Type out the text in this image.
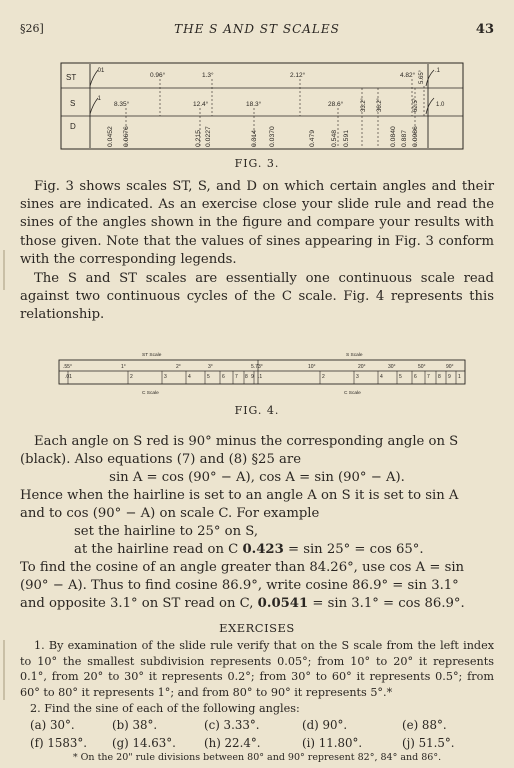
§26]	THE S AND ST SCALES	43
ST
S
D
.01
0.96°	1.3°	2.12°	4.82° 5.65° .1
.1
8.35°	12.4°	18.3°	28.6°	33.2° 36.2°	62.5°	1.0
0.0452 0.0676	0.215 0.0227	0.314 0.0370	0.479 0.548 0.591	0.0840 0.887 0.0986
FIG. 3.
Fig. 3 shows scales ST, S, and D on which certain angles and their sines are indicated. As an exercise close your slide rule and read the sines of the angles shown in the figure and compare your results with those given. Note that the values of sines appearing in Fig. 3 conform with the corresponding legends.
The S and ST scales are essentially one continuous scale read against two continuous cycles of the C scale. Fig. 4 represents this relationship.
ST Scale	S Scale
.55°	1°	2°	3°	5.73°	10°	20°	30°	50°	90°
.01	2	3	4	5 6 7 8 9 .1	2	3	4	5 6 7 8 9 1
C Scale	C Scale
FIG. 4.
Each angle on S red is 90° minus the corresponding angle on S
(black). Also equations (7) and (8) §25 are
sin A = cos (90° − A), cos A = sin (90° − A).
Hence when the hairline is set to an angle A on S it is set to sin A
and to cos (90° − A) on scale C. For example
set the hairline to 25° on S,
at the hairline read on C 0.423 = sin 25° = cos 65°.
To find the cosine of an angle greater than 84.26°, use cos A = sin
(90° − A). Thus to find cosine 86.9°, write cosine 86.9° = sin 3.1°
and opposite 3.1° on ST read on C, 0.0541 = sin 3.1° = cos 86.9°.
EXERCISES
1. By examination of the slide rule verify that on the S scale from the left index to 10° the smallest subdivision represents 0.05°; from 10° to 20° it represents 0.1°, from 20° to 30° it represents 0.2°; from 30° to 60° it represents 0.5°; from 60° to 80° it represents 1°; and from 80° to 90° it represents 5°.*
2. Find the sine of each of the following angles:
(a) 30°.	(b) 38°.	(c) 3.33°.	(d) 90°.	(e) 88°.
(f) 1583°. (g) 14.63°. (h) 22.4°.	(i) 11.80°.	(j) 51.5°.
* On the 20" rule divisions between 80° and 90° represent 82°, 84° and 86°.
